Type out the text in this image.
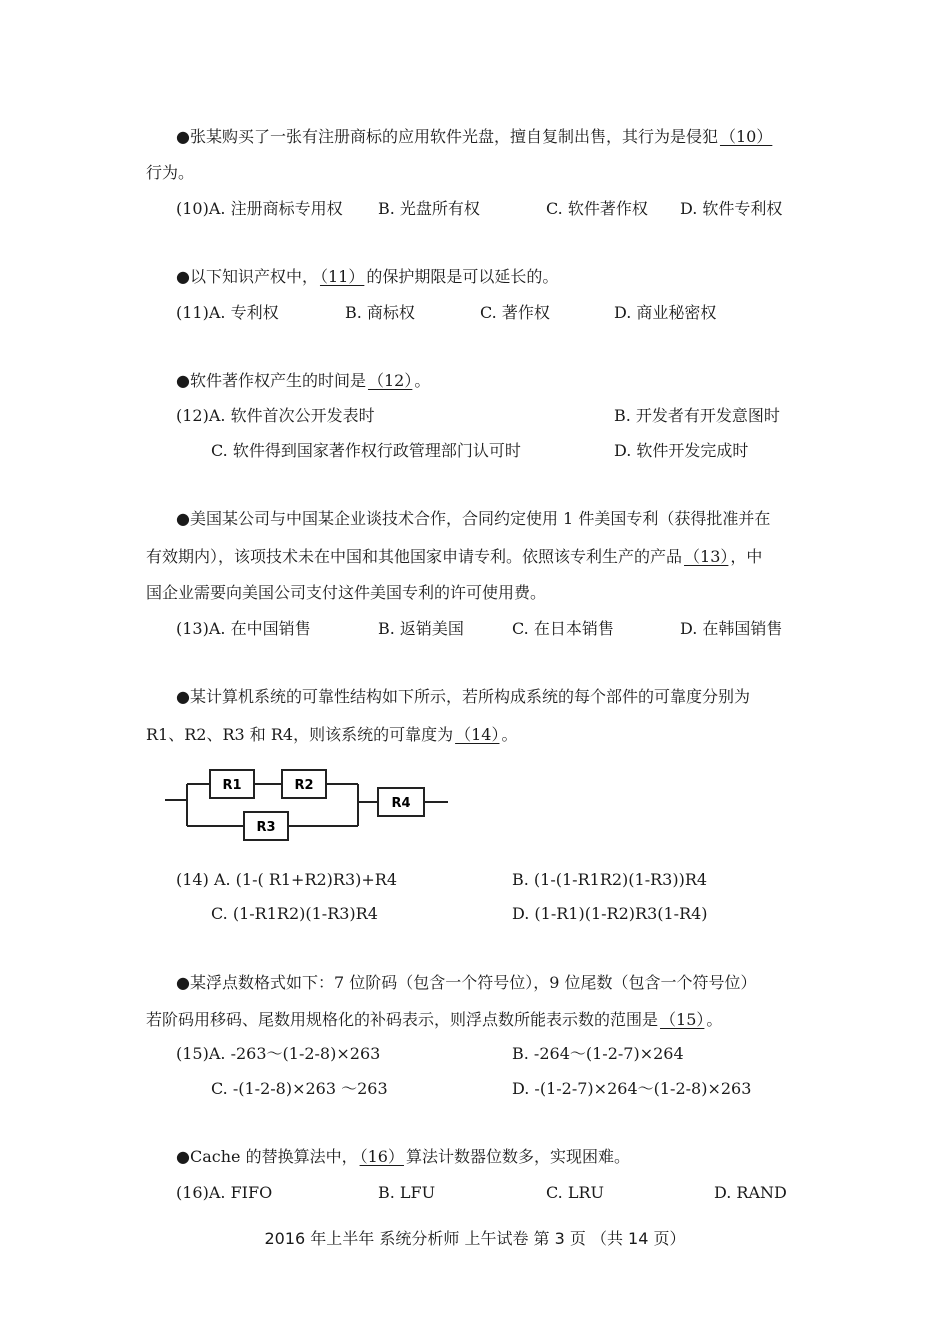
●张某购买了一张有注册商标的应用软件光盘，擅自复制出售，其行为是侵犯 （10）
行为。
(10)A. 注册商标专用权 B. 光盘所有权	C. 软件著作权 D. 软件专利权
●以下知识产权中， （11） 的保护期限是可以延长的。
(11)A. 专利权	B. 商标权	C. 著作权	D. 商业秘密权
●软件著作权产生的时间是 （12） 。
(12)A. 软件首次公开发表时	B. 开发者有开发意图时
C. 软件得到国家著作权行政管理部门认可时	D. 软件开发完成时
●美国某公司与中国某企业谈技术合作，合同约定使用 1 件美国专利（获得批准并在
有效期内），该项技术未在中国和其他国家申请专利。依照该专利生产的产品 （13） ，中
国企业需要向美国公司支付这件美国专利的许可使用费。
(13)A. 在中国销售	B. 返销美国	C. 在日本销售	D. 在韩国销售
●某计算机系统的可靠性结构如下所示，若所构成系统的每个部件的可靠度分别为
R1、R2、R3 和 R4，则该系统的可靠度为 （14） 。
R1	R2
R3
R4
(14) A. (1-( R1+R2)R3)+R4	B. (1-(1-R1R2)(1-R3))R4
C. (1-R1R2)(1-R3)R4	D. (1-R1)(1-R2)R3(1-R4)
●某浮点数格式如下：7 位阶码（包含一个符号位），9 位尾数（包含一个符号位）
若阶码用移码、尾数用规格化的补码表示，则浮点数所能表示数的范围是 （15） 。
(15)A. -263～(1-2-8)×263	B. -264～(1-2-7)×264
C. -(1-2-8)×263 ～263	D. -(1-2-7)×264～(1-2-8)×263
●Cache 的替换算法中， （16） 算法计数器位数多，实现困难。
(16)A. FIFO	B. LFU	C. LRU	D. RAND
2016 年上半年 系统分析师 上午试卷 第 3 页 （共 14 页）
